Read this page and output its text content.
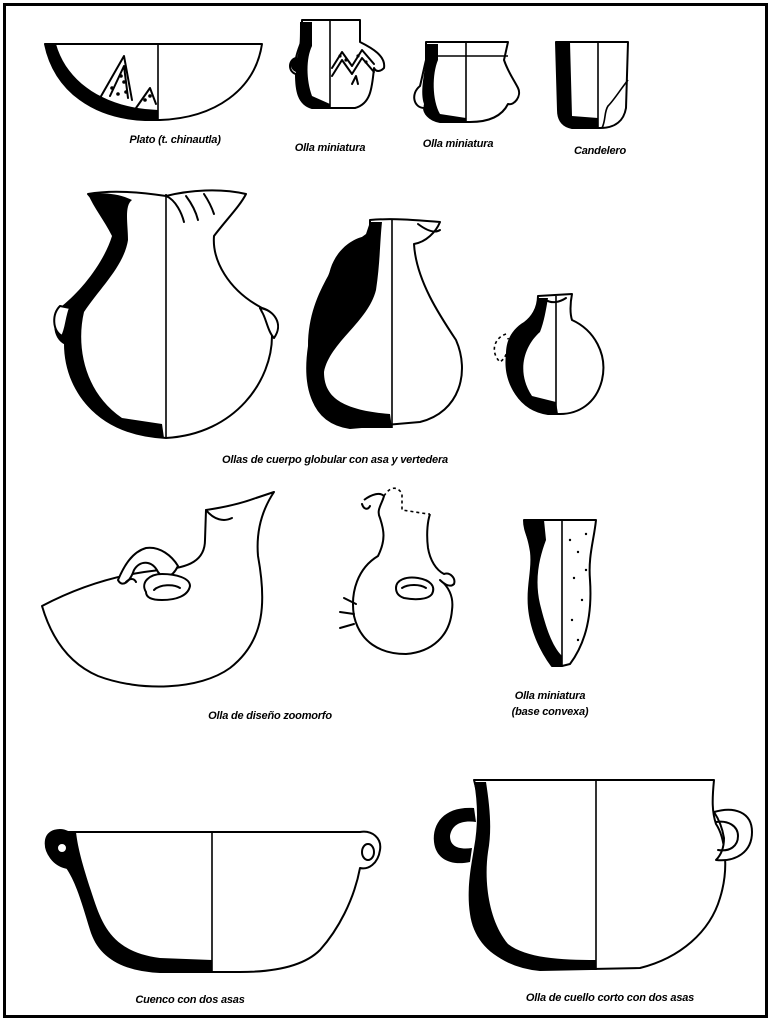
Plato (t. chinautla)
Olla miniatura	Olla miniatura
Candelero
Ollas de cuerpo globular con asa y vertedera
Olla de diseño zoomorfo
Olla miniatura
(base convexa)
Cuenco con dos asas	Olla de cuello corto con dos asas
